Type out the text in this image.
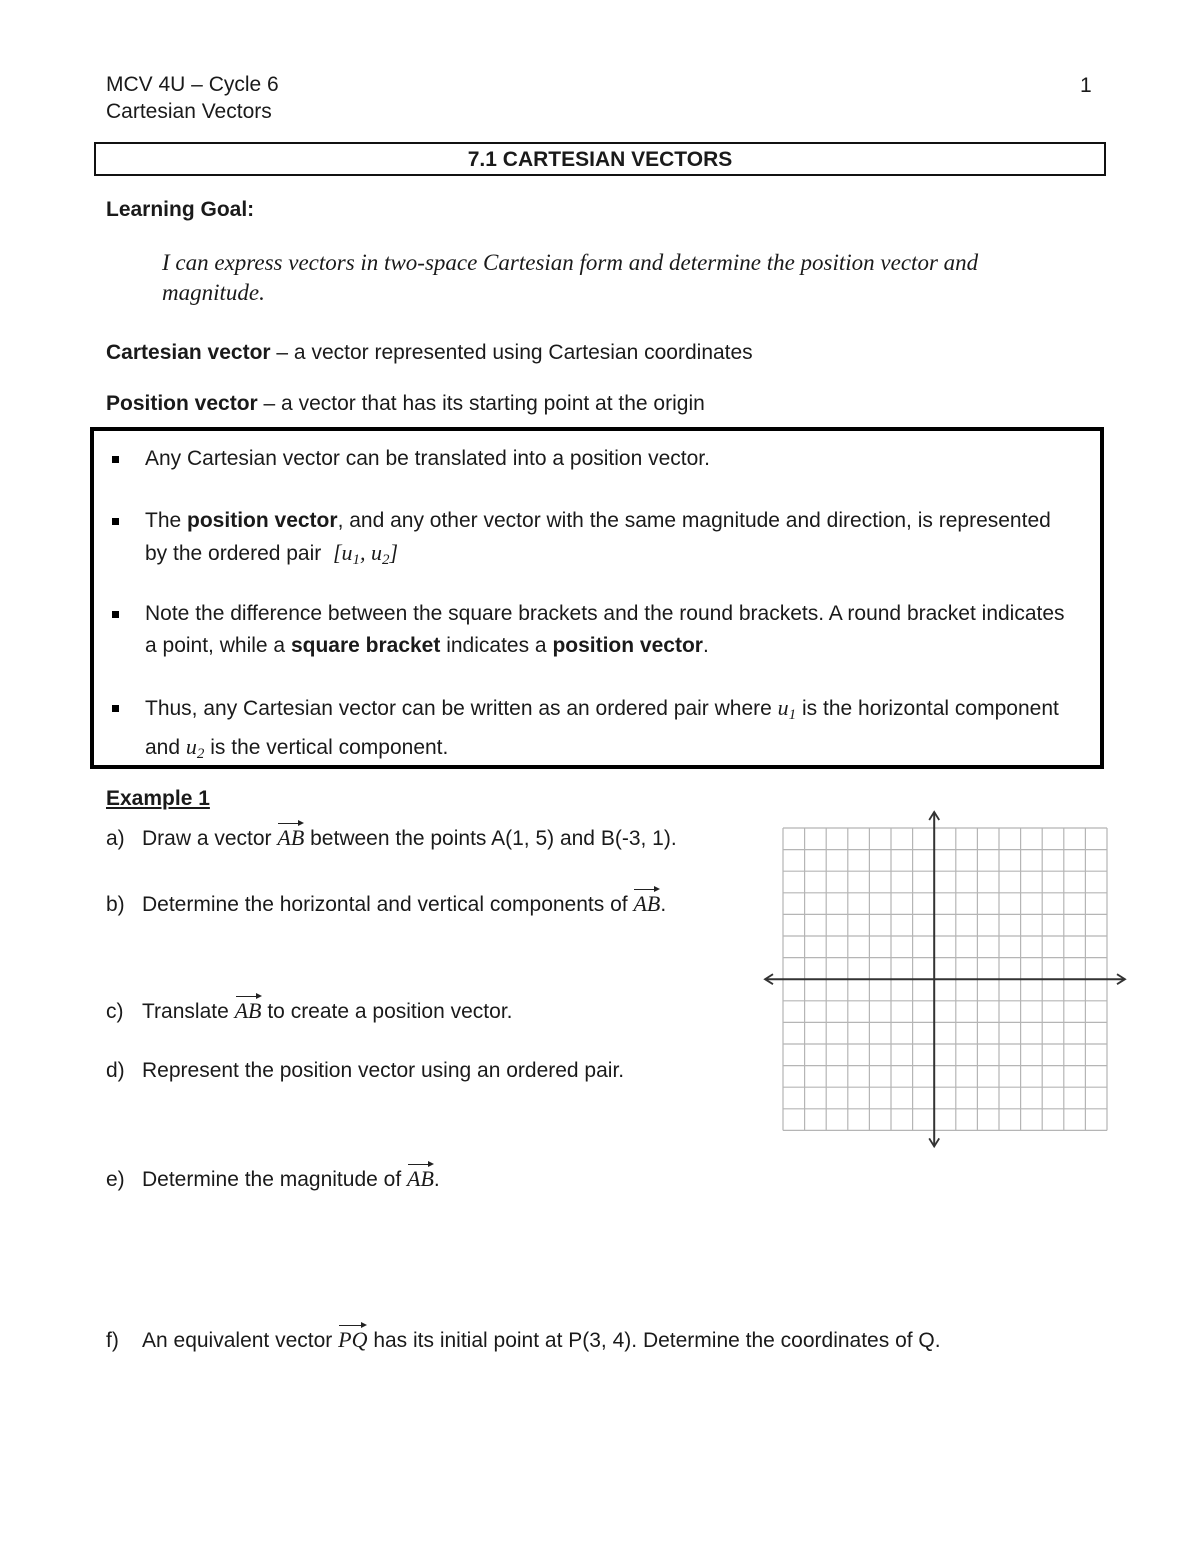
MCV 4U – Cycle 6
Cartesian Vectors
1
7.1 CARTESIAN VECTORS
Learning Goal:
I can express vectors in two-space Cartesian form and determine the position vector and magnitude.
Cartesian vector – a vector represented using Cartesian coordinates
Position vector – a vector that has its starting point at the origin
Any Cartesian vector can be translated into a position vector.
The position vector, and any other vector with the same magnitude and direction, is represented by the ordered pair [$u_1$, $u_2$]
Note the difference between the square brackets and the round brackets. A round bracket indicates a point, while a square bracket indicates a position vector.
Thus, any Cartesian vector can be written as an ordered pair where $u_1$ is the horizontal component and $u_2$ is the vertical component.
Example 1
a) Draw a vector AB between the points A(1, 5) and B(-3, 1).
b) Determine the horizontal and vertical components of AB.
c) Translate AB to create a position vector.
d) Represent the position vector using an ordered pair.
e) Determine the magnitude of AB.
f) An equivalent vector PQ has its initial point at P(3, 4). Determine the coordinates of Q.
